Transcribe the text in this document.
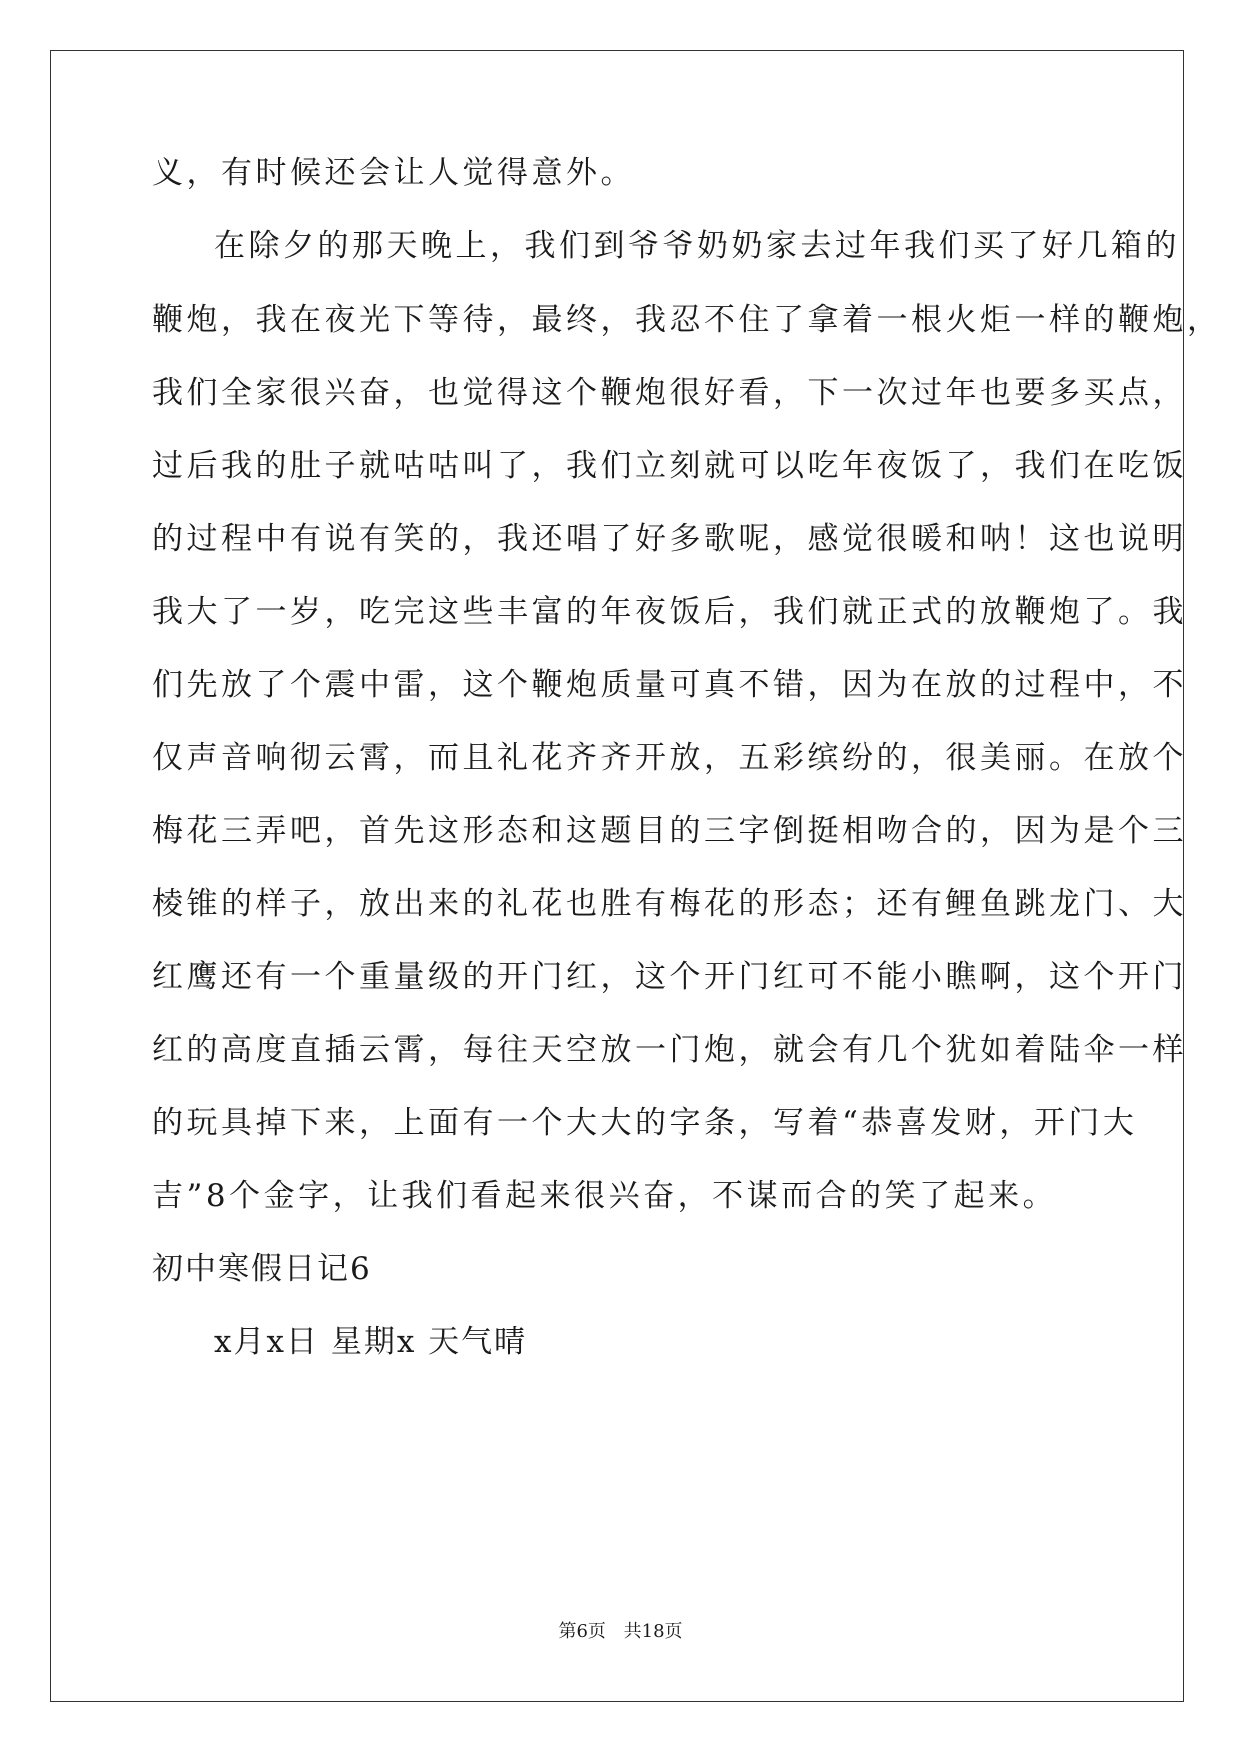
义，有时候还会让人觉得意外。
在除夕的那天晚上，我们到爷爷奶奶家去过年我们买了好几箱的
鞭炮，我在夜光下等待，最终，我忍不住了拿着一根火炬一样的鞭炮，
我们全家很兴奋，也觉得这个鞭炮很好看，下一次过年也要多买点，
过后我的肚子就咕咕叫了，我们立刻就可以吃年夜饭了，我们在吃饭
的过程中有说有笑的，我还唱了好多歌呢，感觉很暖和呐！这也说明
我大了一岁，吃完这些丰富的年夜饭后，我们就正式的放鞭炮了。我
们先放了个震中雷，这个鞭炮质量可真不错，因为在放的过程中，不
仅声音响彻云霄，而且礼花齐齐开放，五彩缤纷的，很美丽。在放个
梅花三弄吧，首先这形态和这题目的三字倒挺相吻合的，因为是个三
棱锥的样子，放出来的礼花也胜有梅花的形态；还有鲤鱼跳龙门、大
红鹰还有一个重量级的开门红，这个开门红可不能小瞧啊，这个开门
红的高度直插云霄，每往天空放一门炮，就会有几个犹如着陆伞一样
的玩具掉下来，上面有一个大大的字条，写着“恭喜发财，开门大
吉”8个金字，让我们看起来很兴奋，不谋而合的笑了起来。
初中寒假日记6
x月x日 星期x 天气晴
第6页 共18页
